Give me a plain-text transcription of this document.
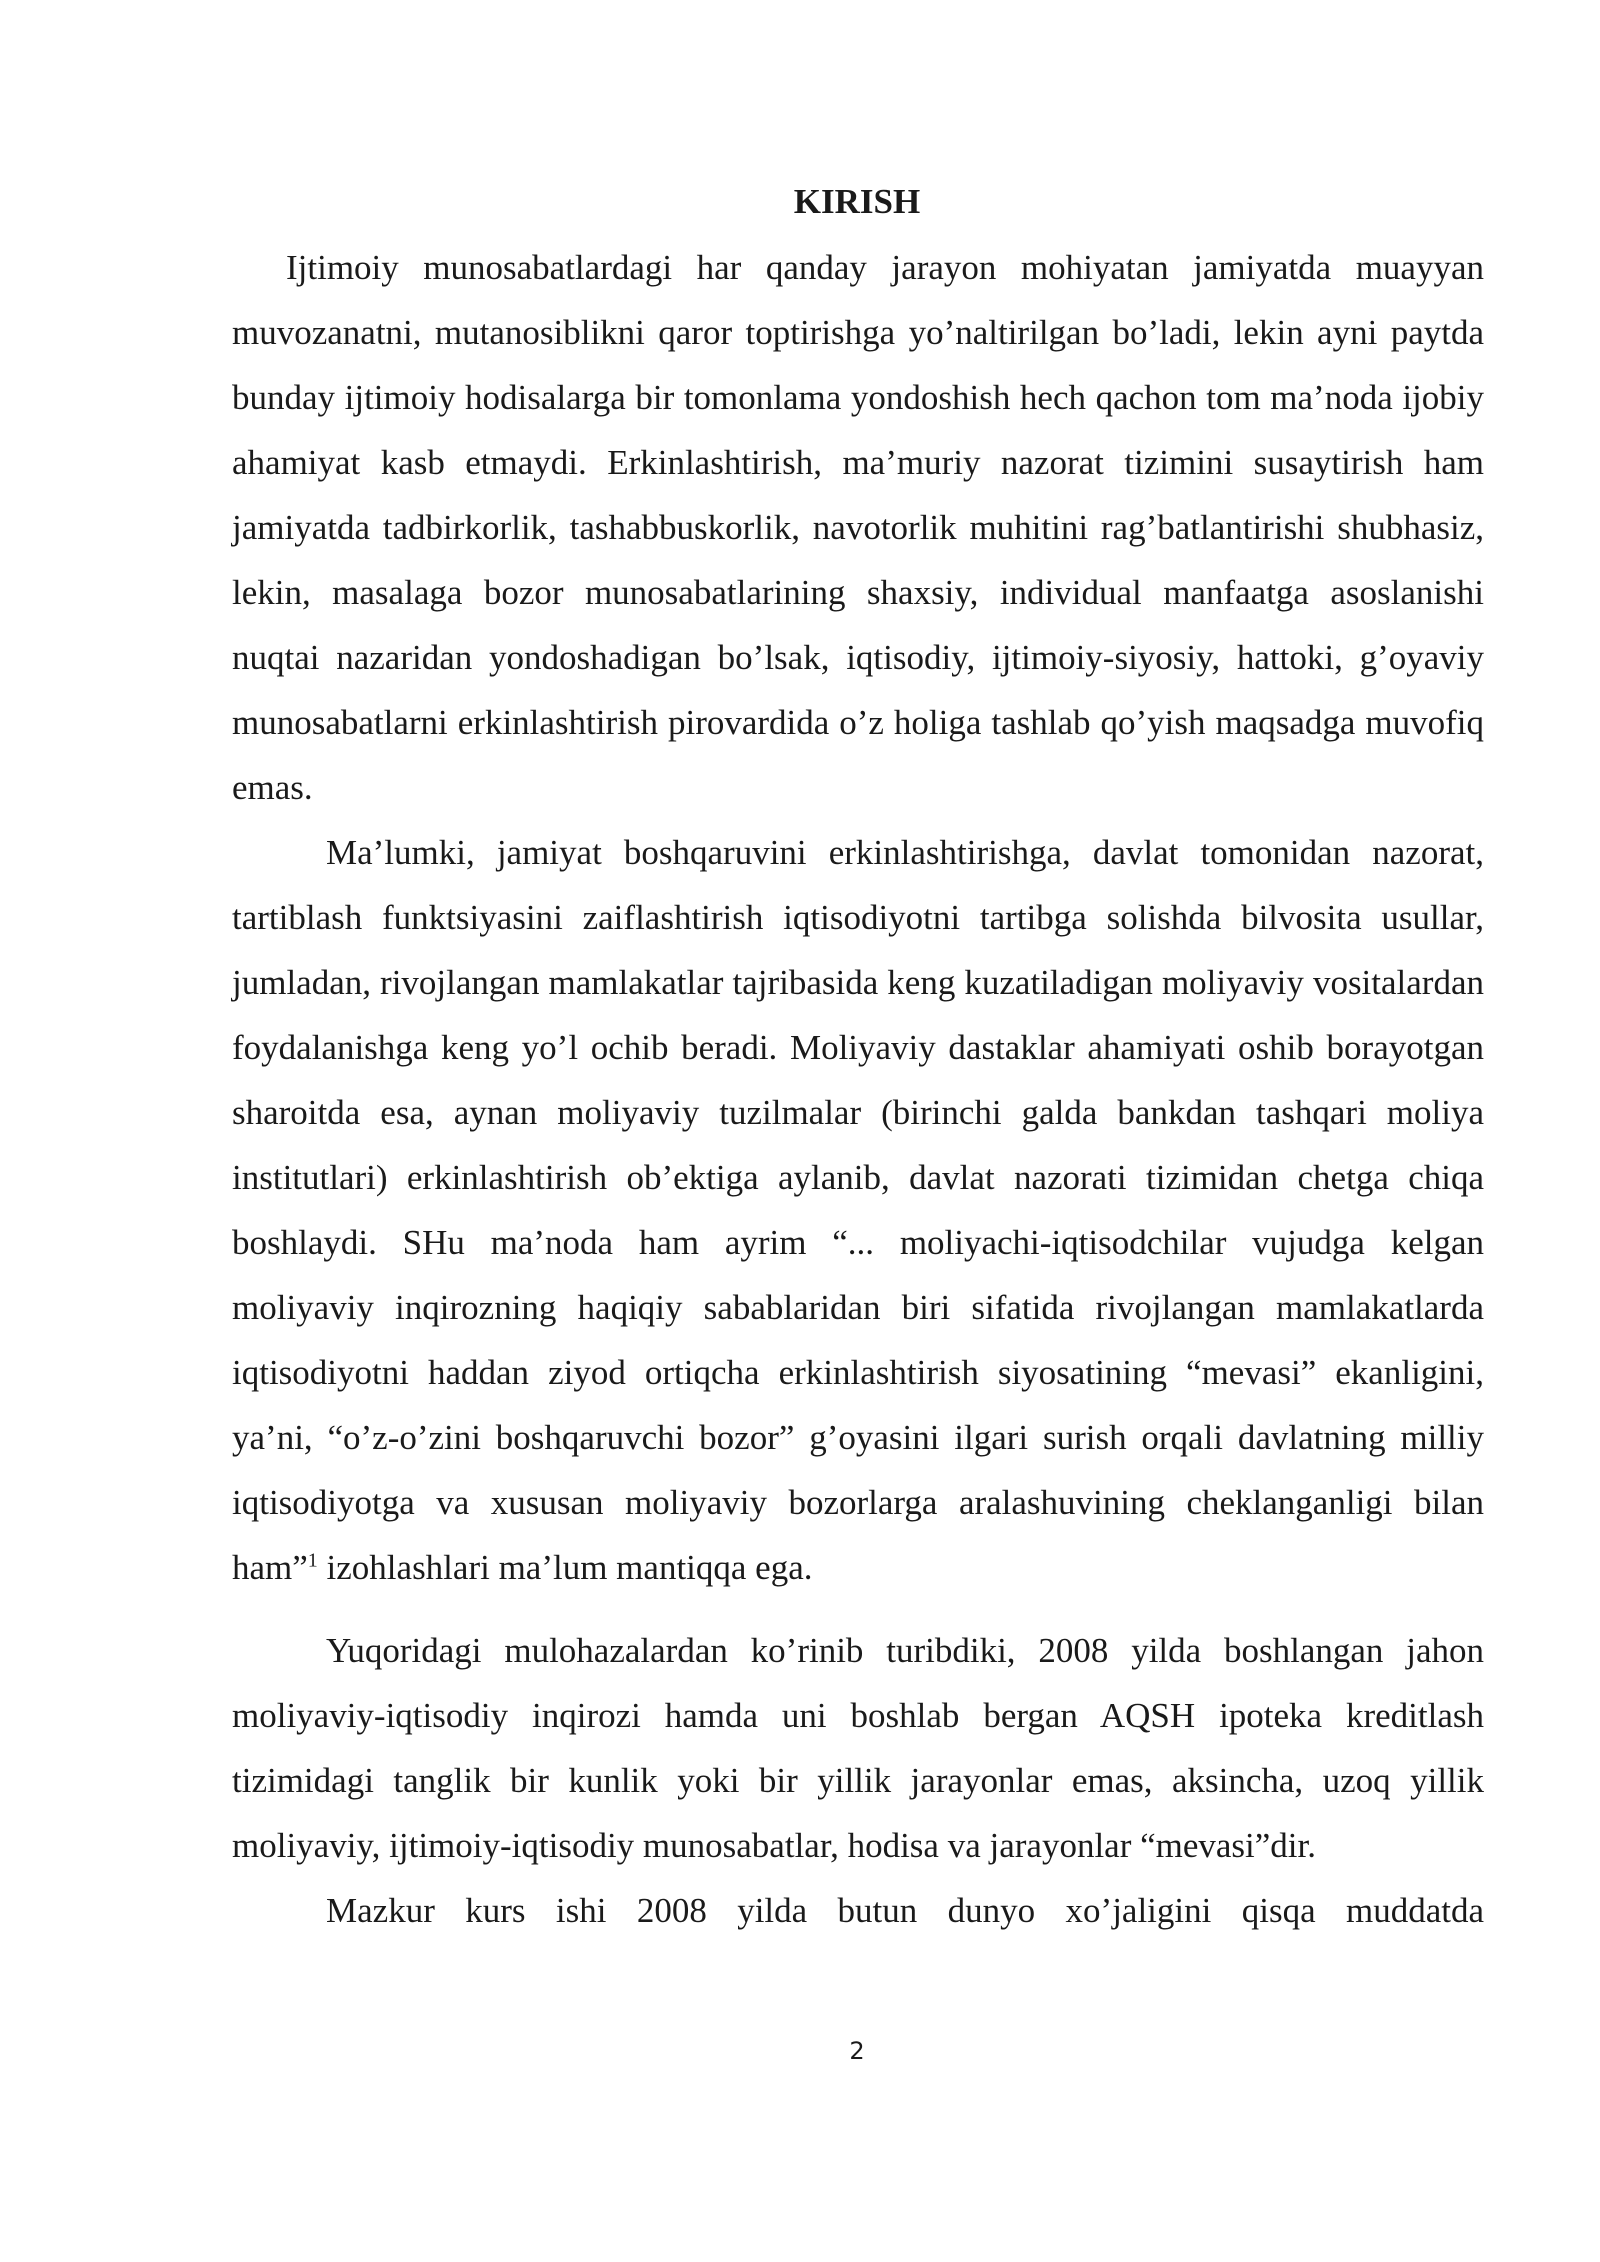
KIRISH

Ijtimoiy munosabatlardagi har qanday jarayon mohiyatan jamiyatda muayyan muvozanatni, mutanosiblikni qaror toptirishga yo’naltirilgan bo’ladi, lekin ayni paytda bunday ijtimoiy hodisalarga bir tomonlama yondoshish hech qachon tom ma’noda ijobiy ahamiyat kasb etmaydi. Erkinlashtirish, ma’muriy nazorat tizimini susaytirish ham jamiyatda tadbirkorlik, tashabbuskorlik, navotorlik muhitini rag’batlantirishi shubhasiz, lekin, masalaga bozor munosabatlarining shaxsiy, individual manfaatga asoslanishi nuqtai nazaridan yondoshadigan bo’lsak, iqtisodiy, ijtimoiy-siyosiy, hattoki, g’oyaviy munosabatlarni erkinlashtirish pirovardida o’z holiga tashlab qo’yish maqsadga muvofiq emas.

Ma’lumki, jamiyat boshqaruvini erkinlashtirishga, davlat tomonidan nazorat, tartiblash funktsiyasini zaiflashtirish iqtisodiyotni tartibga solishda bilvosita usullar, jumladan, rivojlangan mamlakatlar tajribasida keng kuzatiladigan moliyaviy vositalardan foydalanishga keng yo’l ochib beradi. Moliyaviy dastaklar ahamiyati oshib borayotgan sharoitda esa, aynan moliyaviy tuzilmalar (birinchi galda bankdan tashqari moliya institutlari) erkinlashtirish ob’ektiga aylanib, davlat nazorati tizimidan chetga chiqa boshlaydi. SHu ma’noda ham ayrim “... moliyachi-iqtisodchilar vujudga kelgan moliyaviy inqirozning haqiqiy sabablaridan biri sifatida rivojlangan mamlakatlarda iqtisodiyotni haddan ziyod ortiqcha erkinlashtirish siyosatining “mevasi” ekanligini, ya’ni, “o’z-o’zini boshqaruvchi bozor” g’oyasini ilgari surish orqali davlatning milliy iqtisodiyotga va xususan moliyaviy bozorlarga aralashuvining cheklanganligi bilan ham”$^1$ izohlashlari ma’lum mantiqqa ega.

Yuqoridagi mulohazalardan ko’rinib turibdiki, 2008 yilda boshlangan jahon moliyaviy-iqtisodiy inqirozi hamda uni boshlab bergan AQSH ipoteka kreditlash tizimidagi tanglik bir kunlik yoki bir yillik jarayonlar emas, aksincha, uzoq yillik moliyaviy, ijtimoiy-iqtisodiy munosabatlar, hodisa va jarayonlar “mevasi”dir.

Mazkur kurs ishi 2008 yilda butun dunyo xo’jaligini qisqa muddatda

2
